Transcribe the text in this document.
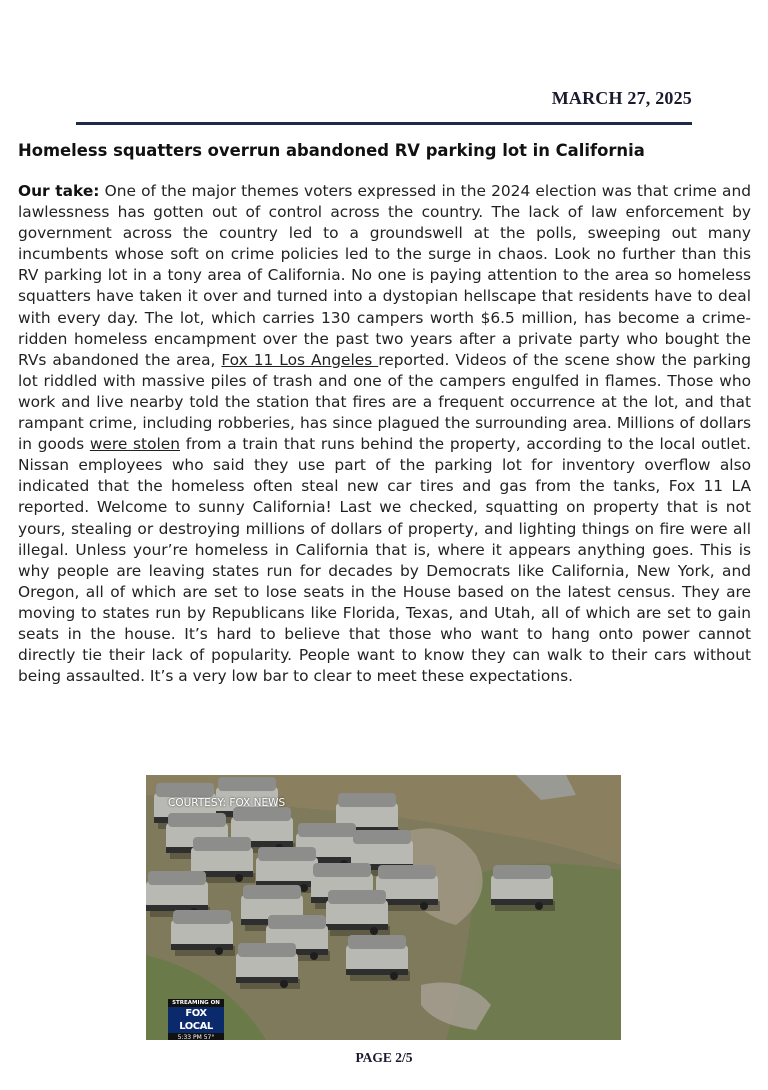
MARCH 27, 2025
Homeless squatters overrun abandoned RV parking lot in California

Our take: One of the major themes voters expressed in the 2024 election was that crime and lawlessness has gotten out of control across the country. The lack of law enforcement by government across the country led to a groundswell at the polls, sweeping out many incumbents whose soft on crime policies led to the surge in chaos. Look no further than this RV parking lot in a tony area of California. No one is paying attention to the area so homeless squatters have taken it over and turned into a dystopian hellscape that residents have to deal with every day. The lot, which carries 130 campers worth $6.5 million, has become a crime-ridden homeless encampment over the past two years after a private party who bought the RVs abandoned the area, Fox 11 Los Angeles reported. Videos of the scene show the parking lot riddled with massive piles of trash and one of the campers engulfed in flames. Those who work and live nearby told the station that fires are a frequent occurrence at the lot, and that rampant crime, including robberies, has since plagued the surrounding area. Millions of dollars in goods were stolen from a train that runs behind the property, according to the local outlet. Nissan employees who said they use part of the parking lot for inventory overflow also indicated that the homeless often steal new car tires and gas from the tanks, Fox 11 LA reported. Welcome to sunny California! Last we checked, squatting on property that is not yours, stealing or destroying millions of dollars of property, and lighting things on fire were all illegal. Unless your’re homeless in California that is, where it appears anything goes. This is why people are leaving states run for decades by Democrats like California, New York, and Oregon, all of which are set to lose seats in the House based on the latest census. They are moving to states run by Republicans like Florida, Texas, and Utah, all of which are set to gain seats in the house. It’s hard to believe that those who want to hang onto power cannot directly tie their lack of popularity. People want to know they can walk to their cars without being assaulted. It’s a very low bar to clear to meet these expectations.

COURTESY: FOX NEWS
STREAMING ON
FOX LOCAL
5:33 PM 57°
PAGE 2/5
